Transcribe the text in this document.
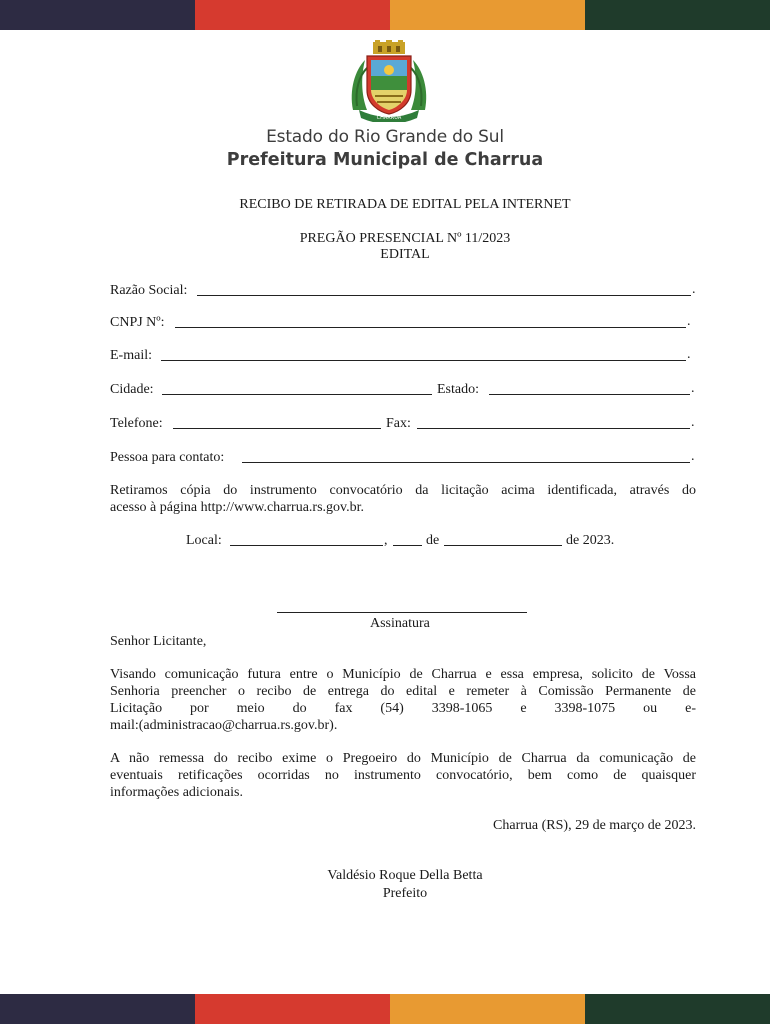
CHARRUA
Estado do Rio Grande do Sul
Prefeitura Municipal de Charrua
RECIBO DE RETIRADA DE EDITAL PELA INTERNET
PREGÃO PRESENCIAL Nº 11/2023
EDITAL
Razão Social:	.
CNPJ Nº:	.
E-mail:	.
Cidade:	Estado:	.
Telefone:	Fax:	.
Pessoa para contato:	.
Retiramos cópia do instrumento convocatório da licitação acima identificada, através do
acesso à página http://www.charrua.rs.gov.br.
Local:	,	de	de 2023.
Assinatura
Senhor Licitante,
Visando comunicação futura entre o Município de Charrua e essa empresa, solicito de Vossa
Senhoria preencher o recibo de entrega do edital e remeter à Comissão Permanente de
Licitação por meio do fax (54) 3398-1065 e 3398-1075 ou e-
mail:(administracao@charrua.rs.gov.br).
A não remessa do recibo exime o Pregoeiro do Município de Charrua da comunicação de
eventuais retificações ocorridas no instrumento convocatório, bem como de quaisquer
informações adicionais.
Charrua (RS), 29 de março de 2023.
Valdésio Roque Della Betta
Prefeito
